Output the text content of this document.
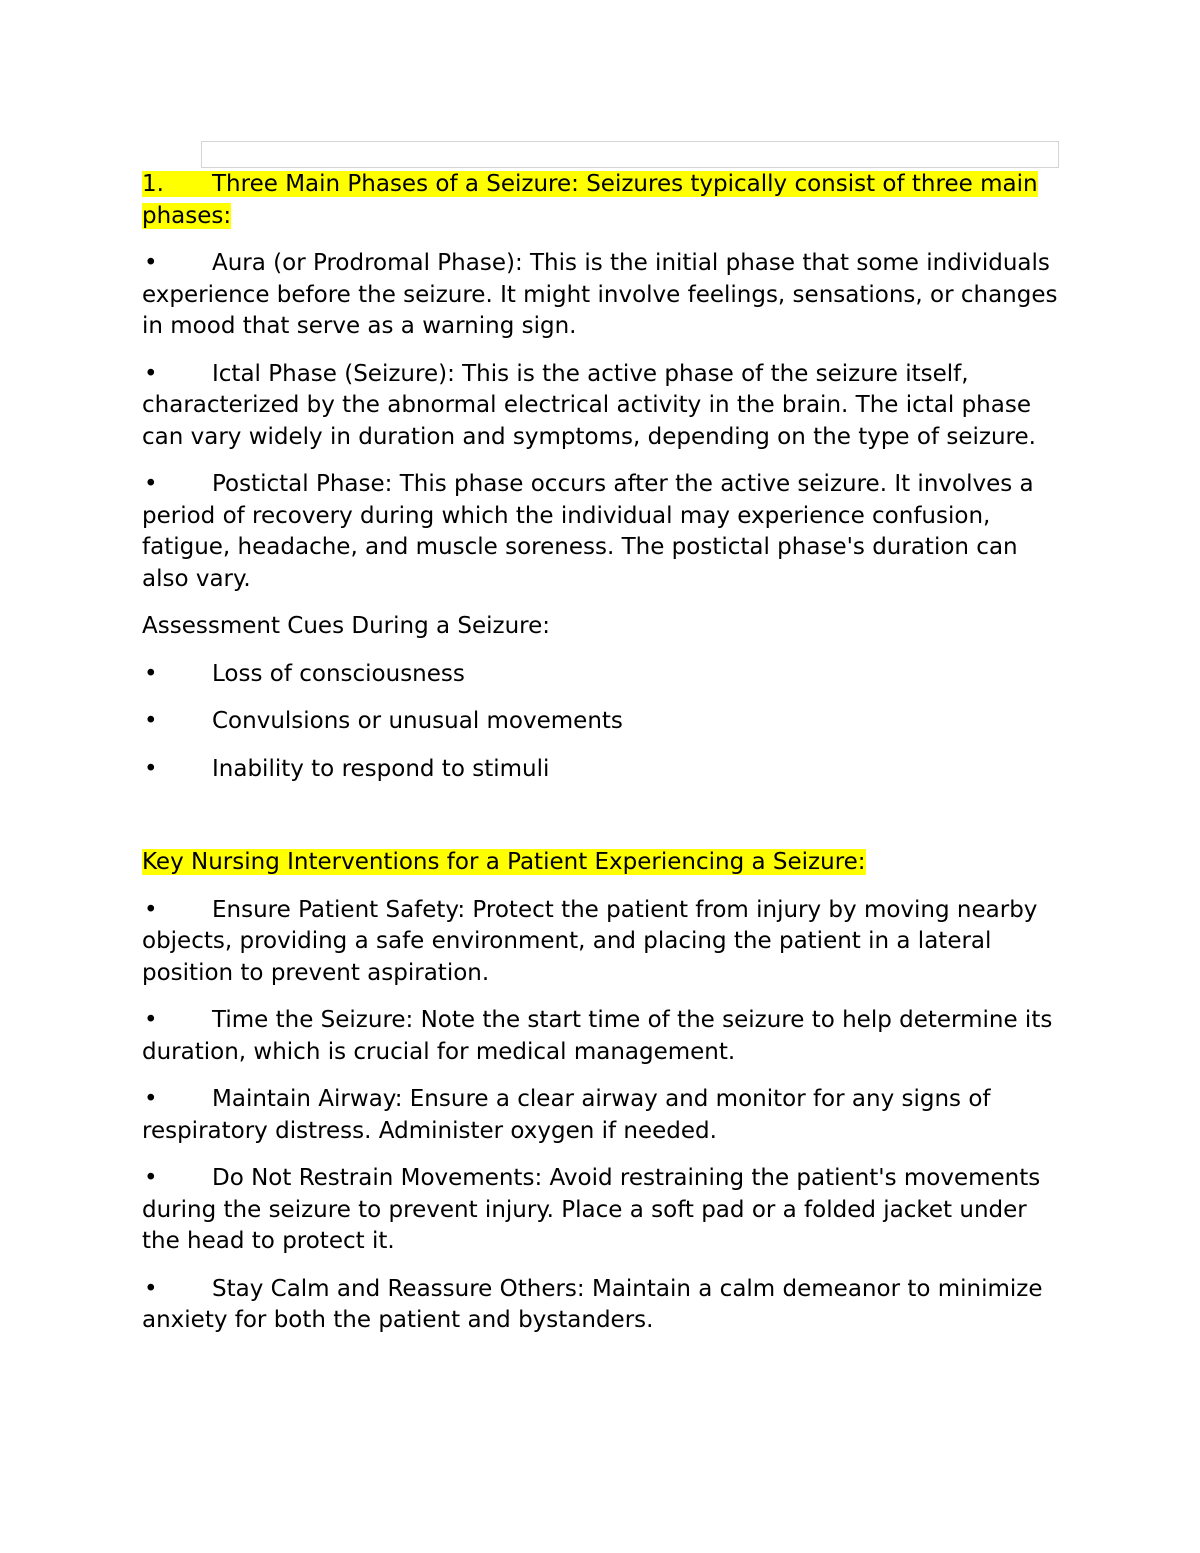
1. Three Main Phases of a Seizure: Seizures typically consist of three main phases:

• Aura (or Prodromal Phase): This is the initial phase that some individuals experience before the seizure. It might involve feelings, sensations, or changes in mood that serve as a warning sign.
• Ictal Phase (Seizure): This is the active phase of the seizure itself, characterized by the abnormal electrical activity in the brain. The ictal phase can vary widely in duration and symptoms, depending on the type of seizure.
• Postictal Phase: This phase occurs after the active seizure. It involves a period of recovery during which the individual may experience confusion, fatigue, headache, and muscle soreness. The postictal phase's duration can also vary.

Assessment Cues During a Seizure:

• Loss of consciousness
• Convulsions or unusual movements
• Inability to respond to stimuli

Key Nursing Interventions for a Patient Experiencing a Seizure:

• Ensure Patient Safety: Protect the patient from injury by moving nearby objects, providing a safe environment, and placing the patient in a lateral position to prevent aspiration.
• Time the Seizure: Note the start time of the seizure to help determine its duration, which is crucial for medical management.
• Maintain Airway: Ensure a clear airway and monitor for any signs of respiratory distress. Administer oxygen if needed.
• Do Not Restrain Movements: Avoid restraining the patient's movements during the seizure to prevent injury. Place a soft pad or a folded jacket under the head to protect it.
• Stay Calm and Reassure Others: Maintain a calm demeanor to minimize anxiety for both the patient and bystanders.
